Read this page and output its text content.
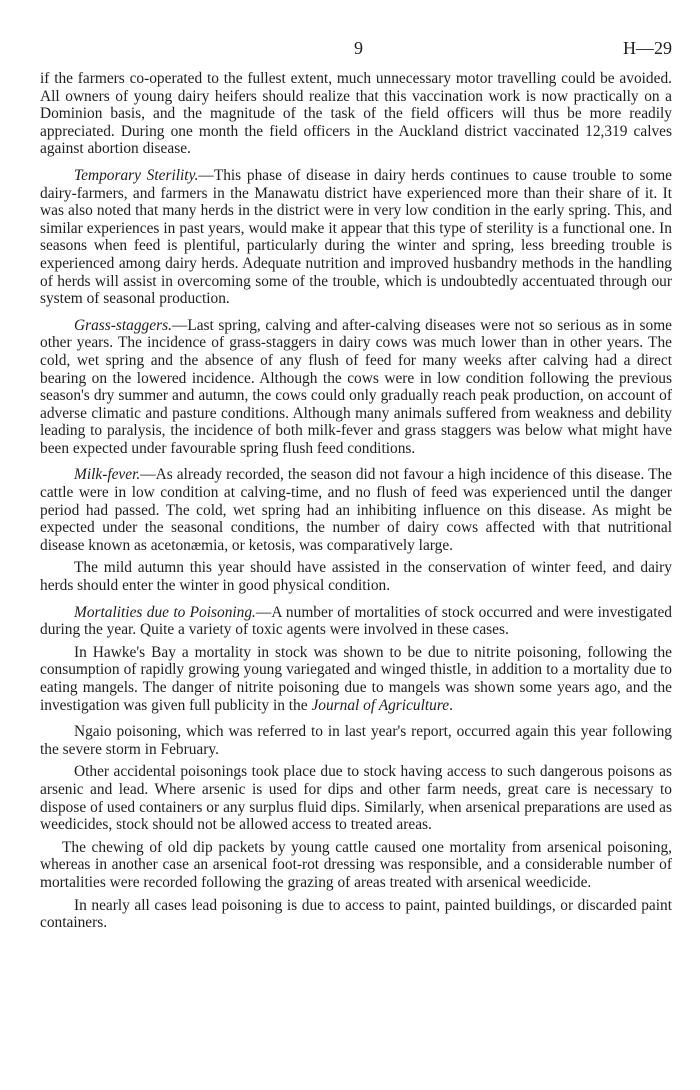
9	H—29

if the farmers co-operated to the fullest extent, much unnecessary motor travelling could be avoided. All owners of young dairy heifers should realize that this vaccination work is now practically on a Dominion basis, and the magnitude of the task of the field officers will thus be more readily appreciated. During one month the field officers in the Auckland district vaccinated 12,319 calves against abortion disease.

Temporary Sterility.—This phase of disease in dairy herds continues to cause trouble to some dairy-farmers, and farmers in the Manawatu district have experienced more than their share of it. It was also noted that many herds in the district were in very low condition in the early spring. This, and similar experiences in past years, would make it appear that this type of sterility is a functional one. In seasons when feed is plentiful, particularly during the winter and spring, less breeding trouble is experienced among dairy herds. Adequate nutrition and improved husbandry methods in the handling of herds will assist in overcoming some of the trouble, which is undoubtedly accentuated through our system of seasonal production.

Grass-staggers.—Last spring, calving and after-calving diseases were not so serious as in some other years. The incidence of grass-staggers in dairy cows was much lower than in other years. The cold, wet spring and the absence of any flush of feed for many weeks after calving had a direct bearing on the lowered incidence. Although the cows were in low condition following the previous season's dry summer and autumn, the cows could only gradually reach peak production, on account of adverse climatic and pasture conditions. Although many animals suffered from weakness and debility leading to paralysis, the incidence of both milk-fever and grass staggers was below what might have been expected under favourable spring flush feed conditions.

Milk-fever.—As already recorded, the season did not favour a high incidence of this disease. The cattle were in low condition at calving-time, and no flush of feed was experienced until the danger period had passed. The cold, wet spring had an inhibiting influence on this disease. As might be expected under the seasonal conditions, the number of dairy cows affected with that nutritional disease known as acetonæmia, or ketosis, was comparatively large.

The mild autumn this year should have assisted in the conservation of winter feed, and dairy herds should enter the winter in good physical condition.

Mortalities due to Poisoning.—A number of mortalities of stock occurred and were investigated during the year. Quite a variety of toxic agents were involved in these cases.

In Hawke's Bay a mortality in stock was shown to be due to nitrite poisoning, following the consumption of rapidly growing young variegated and winged thistle, in addition to a mortality due to eating mangels. The danger of nitrite poisoning due to mangels was shown some years ago, and the investigation was given full publicity in the Journal of Agriculture.

Ngaio poisoning, which was referred to in last year's report, occurred again this year following the severe storm in February.

Other accidental poisonings took place due to stock having access to such dangerous poisons as arsenic and lead. Where arsenic is used for dips and other farm needs, great care is necessary to dispose of used containers or any surplus fluid dips. Similarly, when arsenical preparations are used as weedicides, stock should not be allowed access to treated areas.

The chewing of old dip packets by young cattle caused one mortality from arsenical poisoning, whereas in another case an arsenical foot-rot dressing was responsible, and a considerable number of mortalities were recorded following the grazing of areas treated with arsenical weedicide.

In nearly all cases lead poisoning is due to access to paint, painted buildings, or discarded paint containers.
